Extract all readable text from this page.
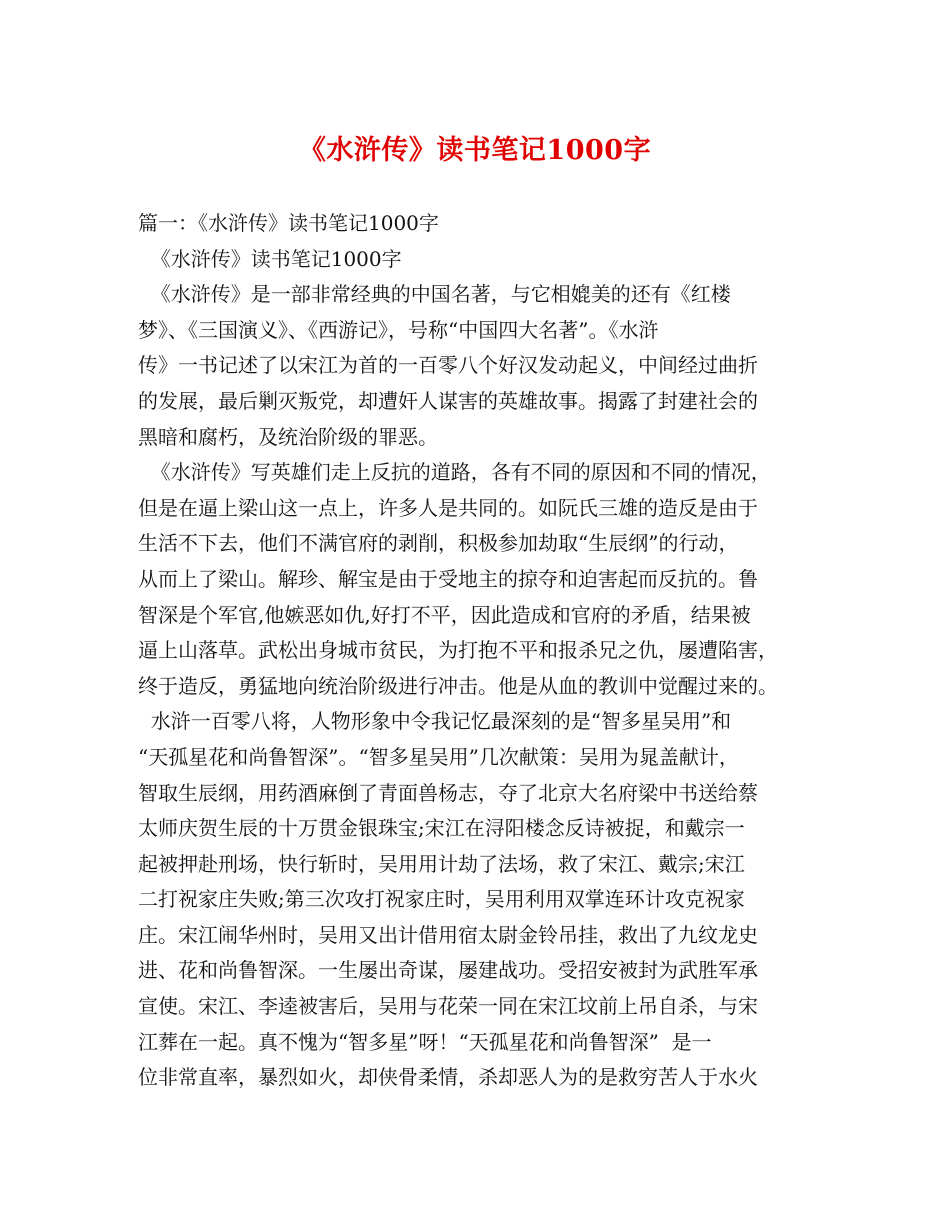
《水浒传》读书笔记1000字
篇一：《水浒传》读书笔记1000字
《水浒传》读书笔记1000字
《水浒传》是一部非常经典的中国名著，与它相媲美的还有《红楼
梦》、《三国演义》、《西游记》，号称“中国四大名著”。《水浒
传》一书记述了以宋江为首的一百零八个好汉发动起义，中间经过曲折
的发展，最后剿灭叛党，却遭奸人谋害的英雄故事。揭露了封建社会的
黑暗和腐朽，及统治阶级的罪恶。
《水浒传》写英雄们走上反抗的道路，各有不同的原因和不同的情况，
但是在逼上梁山这一点上，许多人是共同的。如阮氏三雄的造反是由于
生活不下去，他们不满官府的剥削，积极参加劫取“生辰纲”的行动，
从而上了梁山。解珍、解宝是由于受地主的掠夺和迫害起而反抗的。鲁
智深是个军官,他嫉恶如仇,好打不平，因此造成和官府的矛盾，结果被
逼上山落草。武松出身城市贫民，为打抱不平和报杀兄之仇，屡遭陷害，
终于造反，勇猛地向统治阶级进行冲击。他是从血的教训中觉醒过来的。
水浒一百零八将，人物形象中令我记忆最深刻的是“智多星吴用”和
“天孤星花和尚鲁智深”。“智多星吴用”几次献策：吴用为晁盖献计，
智取生辰纲，用药酒麻倒了青面兽杨志，夺了北京大名府梁中书送给蔡
太师庆贺生辰的十万贯金银珠宝;宋江在浔阳楼念反诗被捉，和戴宗一
起被押赴刑场，快行斩时，吴用用计劫了法场，救了宋江、戴宗;宋江
二打祝家庄失败;第三次攻打祝家庄时，吴用利用双掌连环计攻克祝家
庄。宋江闹华州时，吴用又出计借用宿太尉金铃吊挂，救出了九纹龙史
进、花和尚鲁智深。一生屡出奇谋，屡建战功。受招安被封为武胜军承
宣使。宋江、李逵被害后，吴用与花荣一同在宋江坟前上吊自杀，与宋
江葬在一起。真不愧为“智多星”呀！“天孤星花和尚鲁智深”  是一
位非常直率，暴烈如火，却侠骨柔情，杀却恶人为的是救穷苦人于水火
